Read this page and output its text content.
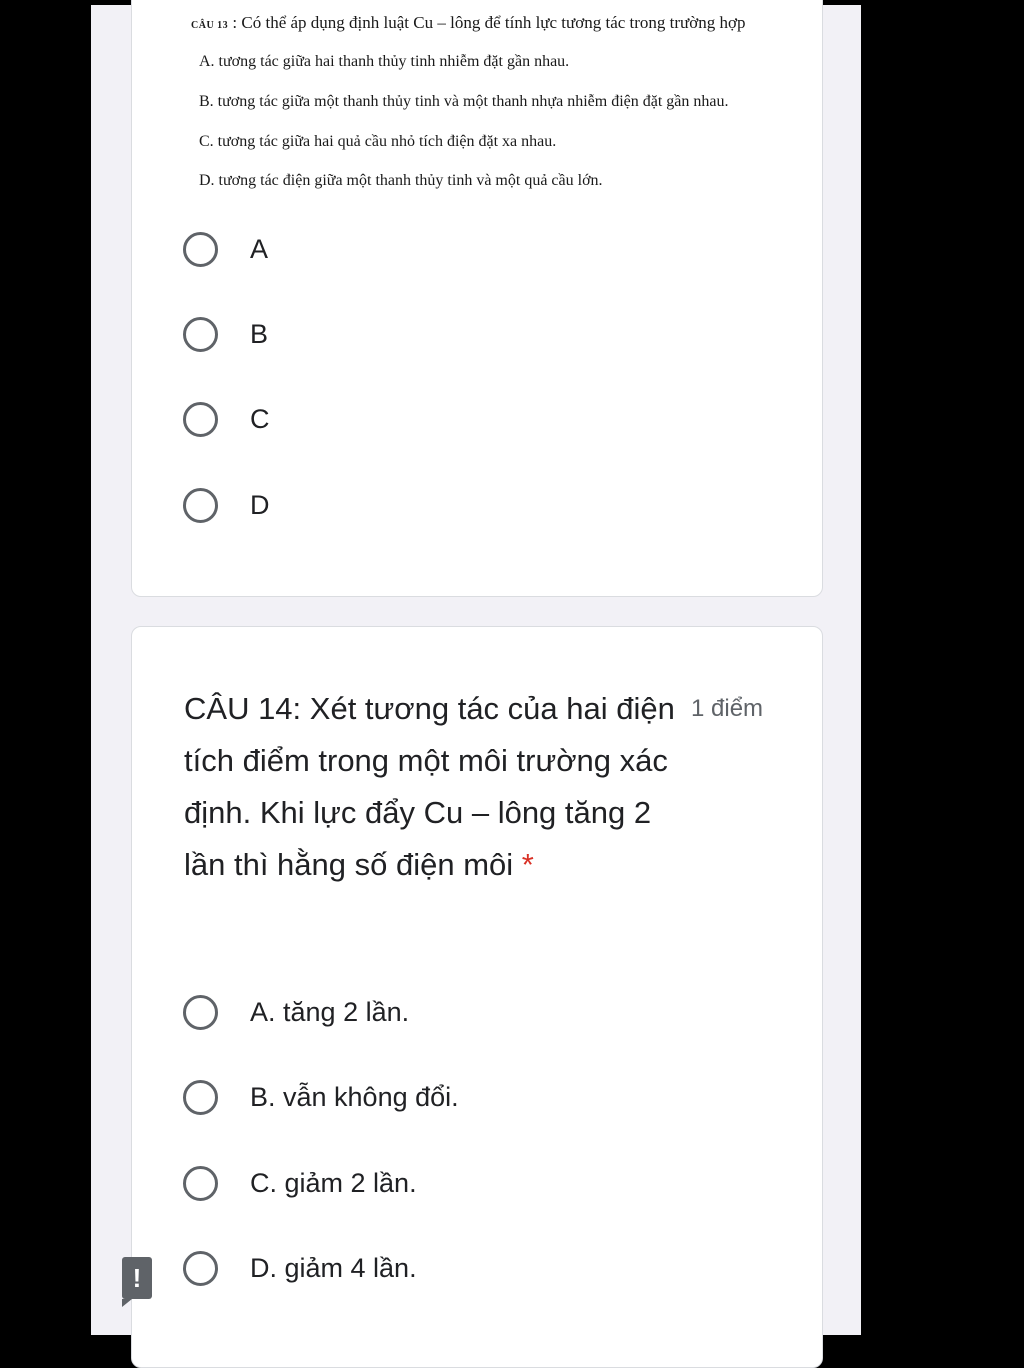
CÂU 13 : Có thể áp dụng định luật Cu – lông để tính lực tương tác trong trường hợp
A. tương tác giữa hai thanh thủy tinh nhiễm đặt gần nhau.
B. tương tác giữa một thanh thủy tinh và một thanh nhựa nhiễm điện đặt gần nhau.
C. tương tác giữa hai quả cầu nhỏ tích điện đặt xa nhau.
D. tương tác điện giữa một thanh thủy tinh và một quả cầu lớn.
A
B
C
D
CÂU 14: Xét tương tác của hai điện tích điểm trong một môi trường xác định. Khi lực đẩy Cu – lông tăng 2 lần thì hằng số điện môi *
1 điểm
A. tăng 2 lần.
B. vẫn không đổi.
C. giảm 2 lần.
D. giảm 4 lần.
!
